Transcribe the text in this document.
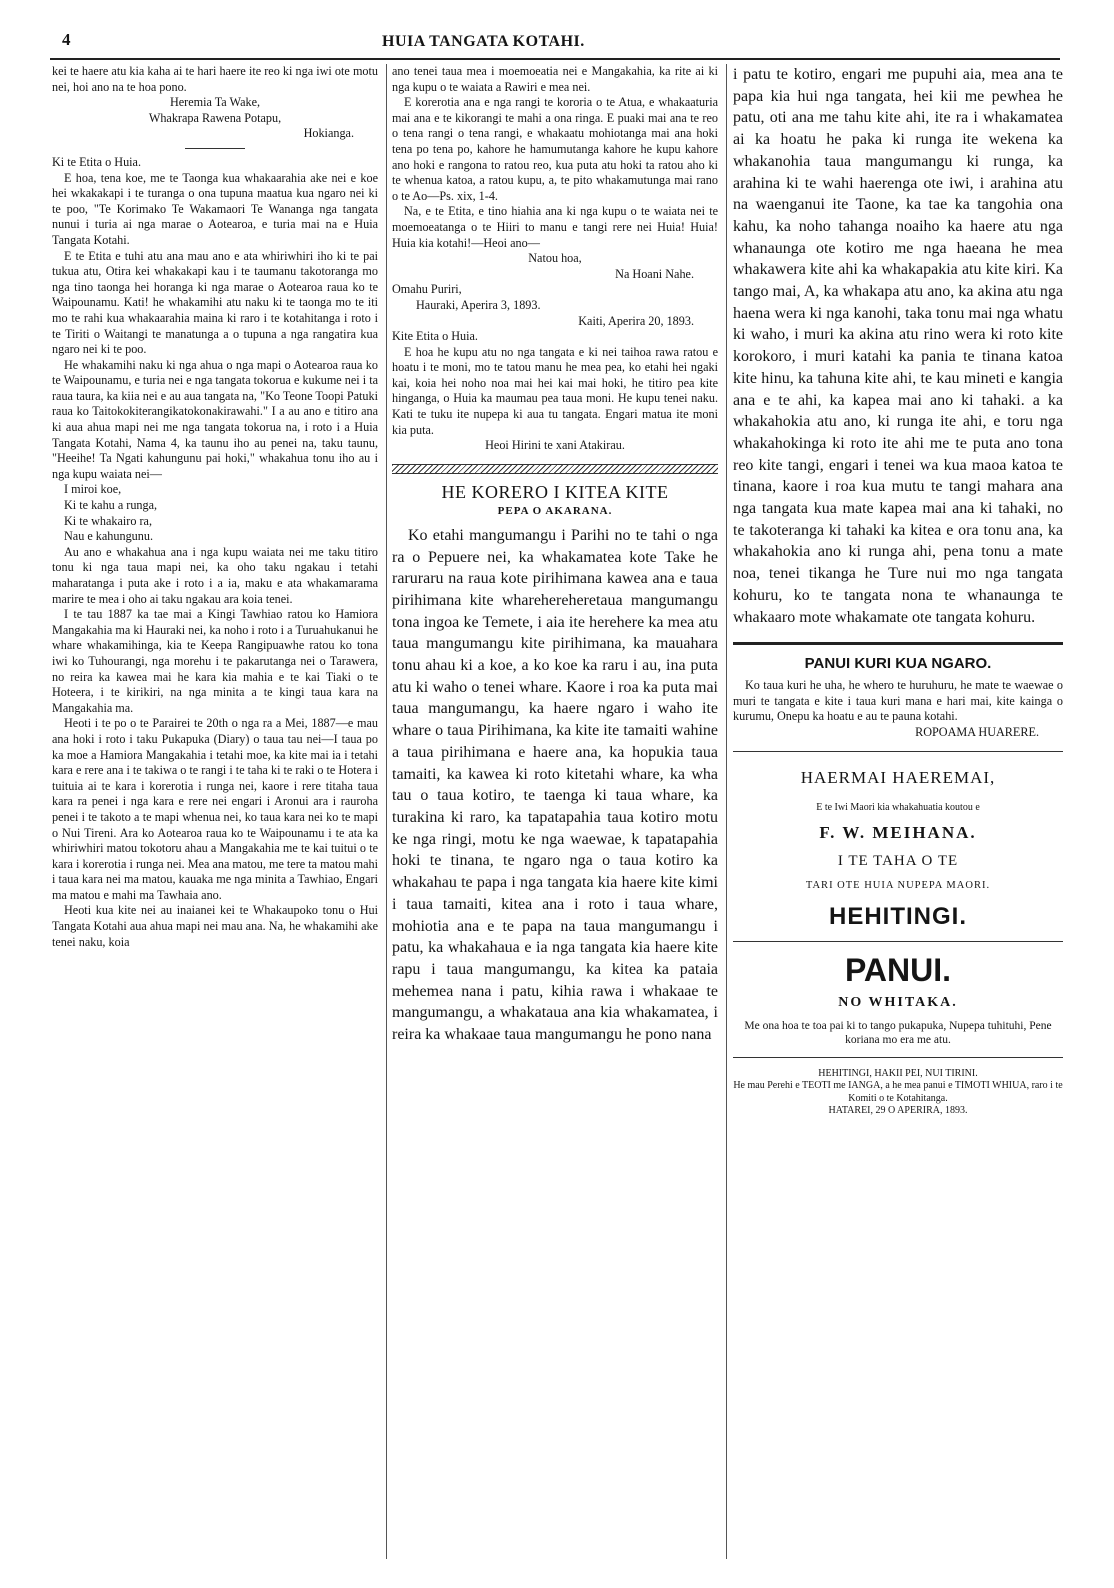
4	HUIA TANGATA KOTAHI.

kei te haere atu kia kaha ai te hari haere ite reo ki nga iwi ote motu nei, hoi ano na te hoa pono.

Heremia Ta Wake,

Whakrapa Rawena Potapu,

Hokianga.

Ki te Etita o Huia.

E hoa, tena koe, me te Taonga kua whakaarahia ake nei e koe hei wkakakapi i te turanga o ona tupuna maatua kua ngaro nei ki te poo, "Te Korimako Te Wakamaori Te Wananga nga tangata nunui i turia ai nga marae o Aotearoa, e turia mai na e Huia Tangata Kotahi.

E te Etita e tuhi atu ana mau ano e ata whiriwhiri iho ki te pai tukua atu, Otira kei whakakapi kau i te taumanu takotoranga mo nga tino taonga hei horanga ki nga marae o Aotearoa raua ko te Waipounamu. Kati! he whakamihi atu naku ki te taonga mo te iti mo te rahi kua whakaarahia maina ki raro i te kotahitanga i roto i te Tiriti o Waitangi te manatunga a o tupuna a nga rangatira kua ngaro nei ki te poo.

He whakamihi naku ki nga ahua o nga mapi o Aotearoa raua ko te Waipounamu, e turia nei e nga tangata tokorua e kukume nei i ta raua taura, ka kiia nei e au aua tangata na, "Ko Teone Toopi Patuki raua ko Taitokokiterangikatokonakirawahi." I a au ano e titiro ana ki aua ahua mapi nei me nga tangata tokorua na, i roto i a Huia Tangata Kotahi, Nama 4, ka taunu iho au penei na, taku taunu, "Heeihe! Ta Ngati kahungunu pai hoki," whakahua tonu iho au i nga kupu waiata nei—

I miroi koe,

Ki te kahu a runga,

Ki te whakairo ra,

Nau e kahungunu.

Au ano e whakahua ana i nga kupu waiata nei me taku titiro tonu ki nga taua mapi nei, ka oho taku ngakau i tetahi maharatanga i puta ake i roto i a ia, maku e ata whakamarama marire te mea i oho ai taku ngakau ara koia tenei.

I te tau 1887 ka tae mai a Kingi Tawhiao ratou ko Hamiora Mangakahia ma ki Hauraki nei, ka noho i roto i a Turuahukanui he whare whakamihinga, kia te Keepa Rangipuawhe ratou ko tona iwi ko Tuhourangi, nga morehu i te pakarutanga nei o Tarawera, no reira ka kawea mai he kara kia mahia e te kai Tiaki o te Hoteera, i te kirikiri, na nga minita a te kingi taua kara na Mangakahia ma.

Heoti i te po o te Parairei te 20th o nga ra a Mei, 1887—e mau ana hoki i roto i taku Pukapuka (Diary) o taua tau nei—I taua po ka moe a Hamiora Mangakahia i tetahi moe, ka kite mai ia i tetahi kara e rere ana i te takiwa o te rangi i te taha ki te raki o te Hotera i tuituia ai te kara i korerotia i runga nei, kaore i rere titaha taua kara ra penei i nga kara e rere nei engari i Aronui ara i rauroha penei i te takoto a te mapi whenua nei, ko taua kara nei ko te mapi o Nui Tireni. Ara ko Aotearoa raua ko te Waipounamu i te ata ka whiriwhiri matou tokotoru ahau a Mangakahia me te kai tuitui o te kara i korerotia i runga nei. Mea ana matou, me tere ta matou mahi i taua kara nei ma matou, kauaka me nga minita a Tawhiao, Engari ma matou e mahi ma Tawhaia ano.

Heoti kua kite nei au inaianei kei te Whakaupoko tonu o Hui Tangata Kotahi aua ahua mapi nei mau ana. Na, he whakamihi ake tenei naku, koia

ano tenei taua mea i moemoeatia nei e Mangakahia, ka rite ai ki nga kupu o te waiata a Rawiri e mea nei.

E korerotia ana e nga rangi te kororia o te Atua, e whakaaturia mai ana e te kikorangi te mahi a ona ringa. E puaki mai ana te reo o tena rangi o tena rangi, e whakaatu mohiotanga mai ana hoki tena po tena po, kahore he hamumutanga kahore he kupu kahore ano hoki e rangona to ratou reo, kua puta atu hoki ta ratou aho ki te whenua katoa, a ratou kupu, a, te pito whakamutunga mai rano o te Ao—Ps. xix, 1-4.

Na, e te Etita, e tino hiahia ana ki nga kupu o te waiata nei te moemoeatanga o te Hiiri to manu e tangi rere nei Huia! Huia! Huia kia kotahi!—Heoi ano—

Natou hoa,

Na Hoani Nahe.

Omahu Puriri,

Hauraki, Aperira 3, 1893.

Kaiti, Aperira 20, 1893.

Kite Etita o Huia.

E hoa he kupu atu no nga tangata e ki nei taihoa rawa ratou e hoatu i te moni, mo te tatou manu he mea pea, ko etahi hei ngaki kai, koia hei noho noa mai hei kai mai hoki, he titiro pea kite hinganga, o Huia ka maumau pea taua moni. He kupu tenei naku. Kati te tuku ite nupepa ki aua tu tangata. Engari matua ite moni kia puta.

Heoi Hirini te xani Atakirau.

HE KORERO I KITEA KITE
PEPA O AKARANA.

Ko etahi mangumangu i Parihi no te tahi o nga ra o Pepuere nei, ka whakamatea kote Take he raruraru na raua kote pirihimana kawea ana e taua pirihimana kite wharehereheretaua mangumangu tona ingoa ke Temete, i aia ite herehere ka mea atu taua mangumangu kite pirihimana, ka mauahara tonu ahau ki a koe, a ko koe ka raru i au, ina puta atu ki waho o tenei whare. Kaore i roa ka puta mai taua mangumangu, ka haere ngaro i waho ite whare o taua Pirihimana, ka kite ite tamaiti wahine a taua pirihimana e haere ana, ka hopukia taua tamaiti, ka kawea ki roto kitetahi whare, ka wha tau o taua kotiro, te taenga ki taua whare, ka turakina ki raro, ka tapatapahia taua kotiro motu ke nga ringi, motu ke nga waewae, k tapatapahia hoki te tinana, te ngaro nga o taua kotiro ka whakahau te papa i nga tangata kia haere kite kimi i taua tamaiti, kitea ana i roto i taua whare, mohiotia ana e te papa na taua mangumangu i patu, ka whakahaua e ia nga tangata kia haere kite rapu i taua mangumangu, ka kitea ka pataia mehemea nana i patu, kihia rawa i whakaae te mangumangu, a whakataua ana kia whakamatea, i reira ka whakaae taua mangumangu he pono nana

i patu te kotiro, engari me pupuhi aia, mea ana te papa kia hui nga tangata, hei kii me pewhea he patu, oti ana me tahu kite ahi, ite ra i whakamatea ai ka hoatu he paka ki runga ite wekena ka whakanohia taua mangumangu ki runga, ka arahina ki te wahi haerenga ote iwi, i arahina atu na waenganui ite Taone, ka tae ka tangohia ona kahu, ka noho tahanga noaiho ka haere atu nga whanaunga ote kotiro me nga haeana he mea whakawera kite ahi ka whakapakia atu kite kiri. Ka tango mai, A, ka whakapa atu ano, ka akina atu nga haena wera ki nga kanohi, taka tonu mai nga whatu ki waho, i muri ka akina atu rino wera ki roto kite korokoro, i muri katahi ka pania te tinana katoa kite hinu, ka tahuna kite ahi, te kau mineti e kangia ana e te ahi, ka kapea mai ano ki tahaki. a ka whakahokia atu ano, ki runga ite ahi, e toru nga whakahokinga ki roto ite ahi me te puta ano tona reo kite tangi, engari i tenei wa kua maoa katoa te tinana, kaore i roa kua mutu te tangi mahara ana nga tangata kua mate kapea mai ana ki tahaki, no te takoteranga ki tahaki ka kitea e ora tonu ana, ka whakahokia ano ki runga ahi, pena tonu a mate noa, tenei tikanga he Ture nui mo nga tangata kohuru, ko te tangata nona te whanaunga te whakaaro mote whakamate ote tangata kohuru.

PANUI KURI KUA NGARO.

Ko taua kuri he uha, he whero te huruhuru, he mate te waewae o muri te tangata e kite i taua kuri mana e hari mai, kite kainga o kurumu, Onepu ka hoatu e au te pauna kotahi.

ROPOAMA HUARERE.

HAERMAI HAEREMAI,
E te Iwi Maori kia whakahuatia koutou e
F. W. MEIHANA.
I TE TAHA O TE
TARI OTE HUIA NUPEPA MAORI.
HEHITINGI.
PANUI.
NO WHITAKA.
Me ona hoa te toa pai ki to tango pukapuka, Nupepa tuhituhi, Pene koriana mo era me atu.
HEHITINGI, HAKII PEI, NUI TIRINI.
He mau Perehi e TEOTI me IANGA, a he mea panui e TIMOTI WHIUA, raro i te Komiti o te Kotahitanga.
HATAREI, 29 O APERIRA, 1893.
